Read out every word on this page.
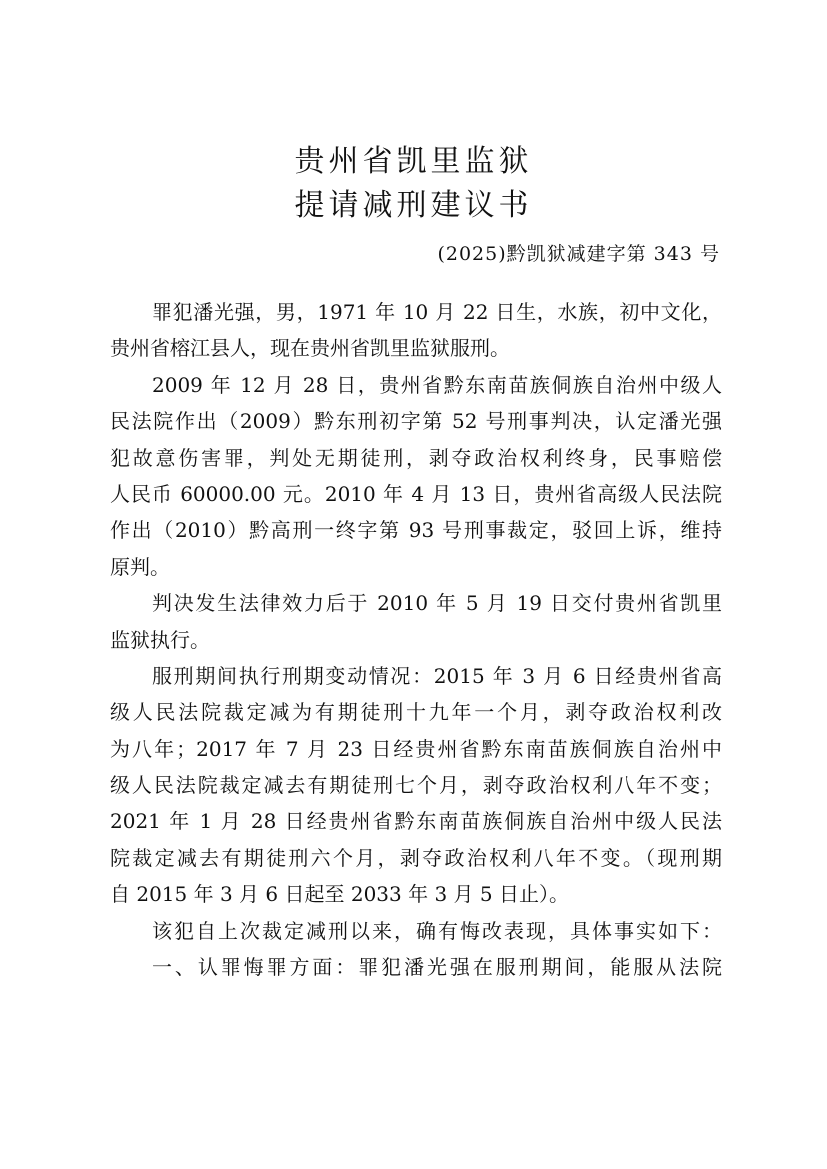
贵州省凯里监狱
提请减刑建议书
(2025)黔凯狱减建字第 343 号
罪犯潘光强，男，1971 年 10 月 22 日生，水族，初中文化，
贵州省榕江县人，现在贵州省凯里监狱服刑。
2009 年 12 月 28 日，贵州省黔东南苗族侗族自治州中级人
民法院作出（2009）黔东刑初字第 52 号刑事判决，认定潘光强
犯故意伤害罪，判处无期徒刑，剥夺政治权利终身，民事赔偿
人民币 60000.00 元。2010 年 4 月 13 日，贵州省高级人民法院
作出（2010）黔高刑一终字第 93 号刑事裁定，驳回上诉，维持
原判。
判决发生法律效力后于 2010 年 5 月 19 日交付贵州省凯里
监狱执行。
服刑期间执行刑期变动情况：2015 年 3 月 6 日经贵州省高
级人民法院裁定减为有期徒刑十九年一个月，剥夺政治权利改
为八年；2017 年 7 月 23 日经贵州省黔东南苗族侗族自治州中
级人民法院裁定减去有期徒刑七个月，剥夺政治权利八年不变；
2021 年 1 月 28 日经贵州省黔东南苗族侗族自治州中级人民法
院裁定减去有期徒刑六个月，剥夺政治权利八年不变。（现刑期
自 2015 年 3 月 6 日起至 2033 年 3 月 5 日止）。
该犯自上次裁定减刑以来，确有悔改表现，具体事实如下：
一、认罪悔罪方面：罪犯潘光强在服刑期间，能服从法院
